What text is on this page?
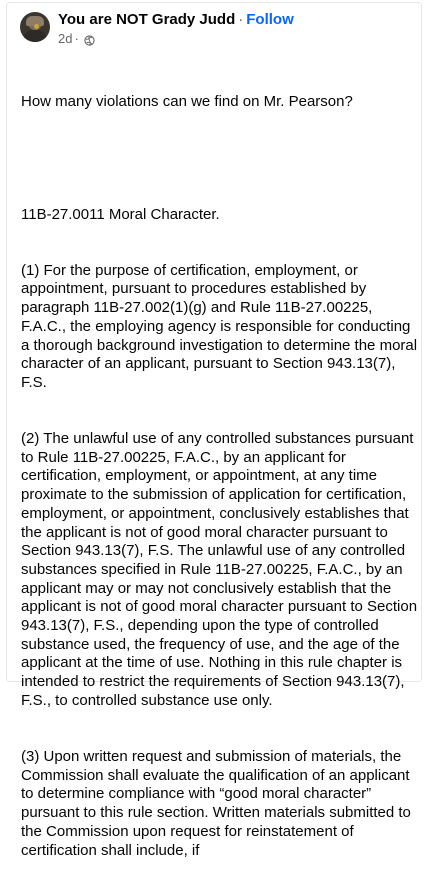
You are NOT Grady Judd · Follow
2d ·

How many violations can we find on Mr. Pearson?

11B-27.0011 Moral Character.

(1) For the purpose of certification, employment, or appointment, pursuant to procedures established by paragraph 11B-27.002(1)(g) and Rule 11B-27.00225, F.A.C., the employing agency is responsible for conducting a thorough background investigation to determine the moral character of an applicant, pursuant to Section 943.13(7), F.S.

(2) The unlawful use of any controlled substances pursuant to Rule 11B-27.00225, F.A.C., by an applicant for certification, employment, or appointment, at any time proximate to the submission of application for certification, employment, or appointment, conclusively establishes that the applicant is not of good moral character pursuant to Section 943.13(7), F.S. The unlawful use of any controlled substances specified in Rule 11B-27.00225, F.A.C., by an applicant may or may not conclusively establish that the applicant is not of good moral character pursuant to Section 943.13(7), F.S., depending upon the type of controlled substance used, the frequency of use, and the age of the applicant at the time of use. Nothing in this rule chapter is intended to restrict the requirements of Section 943.13(7), F.S., to controlled substance use only.

(3) Upon written request and submission of materials, the Commission shall evaluate the qualification of an applicant to determine compliance with “good moral character” pursuant to this rule section. Written materials submitted to the Commission upon request for reinstatement of certification shall include, if
